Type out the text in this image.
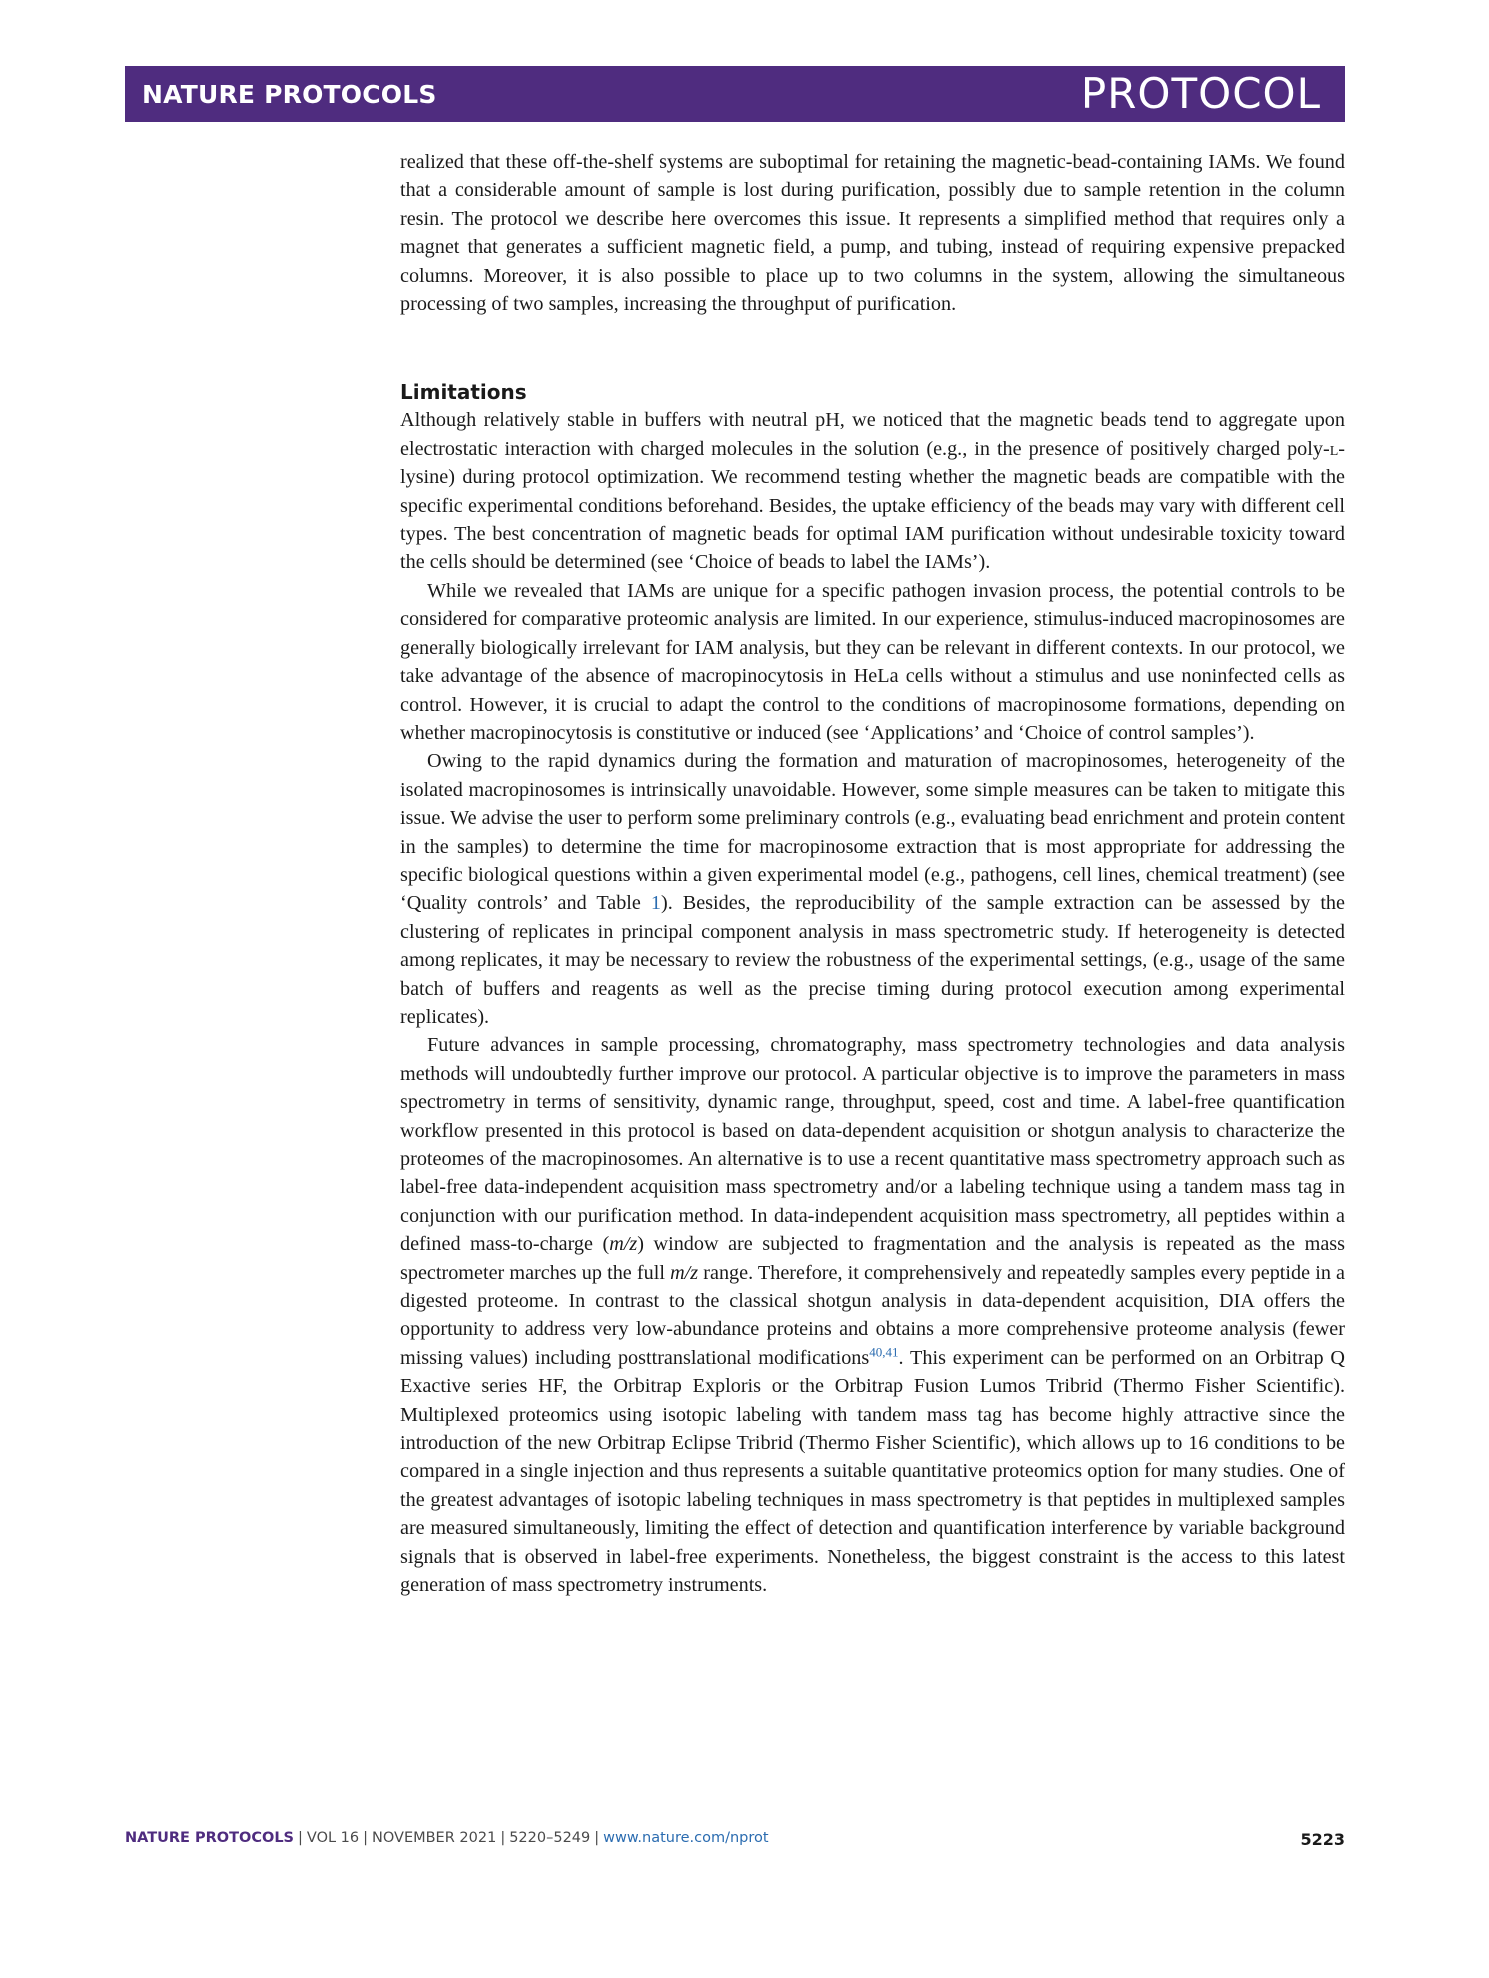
NATURE PROTOCOLS	PROTOCOL

realized that these off-the-shelf systems are suboptimal for retaining the magnetic-bead-containing IAMs. We found that a considerable amount of sample is lost during purification, possibly due to sample retention in the column resin. The protocol we describe here overcomes this issue. It represents a simplified method that requires only a magnet that generates a sufficient magnetic field, a pump, and tubing, instead of requiring expensive prepacked columns. Moreover, it is also possible to place up to two columns in the system, allowing the simultaneous processing of two samples, increasing the throughput of purification.

Limitations

Although relatively stable in buffers with neutral pH, we noticed that the magnetic beads tend to aggregate upon electrostatic interaction with charged molecules in the solution (e.g., in the presence of positively charged poly-l-lysine) during protocol optimization. We recommend testing whether the magnetic beads are compatible with the specific experimental conditions beforehand. Besides, the uptake efficiency of the beads may vary with different cell types. The best concentration of magnetic beads for optimal IAM purification without undesirable toxicity toward the cells should be determined (see ‘Choice of beads to label the IAMs’).

While we revealed that IAMs are unique for a specific pathogen invasion process, the potential controls to be considered for comparative proteomic analysis are limited. In our experience, stimulus-induced macropinosomes are generally biologically irrelevant for IAM analysis, but they can be relevant in different contexts. In our protocol, we take advantage of the absence of macropinocytosis in HeLa cells without a stimulus and use noninfected cells as control. However, it is crucial to adapt the control to the conditions of macropinosome formations, depending on whether macropinocytosis is constitutive or induced (see ‘Applications’ and ‘Choice of control samples’).

Owing to the rapid dynamics during the formation and maturation of macropinosomes, heterogeneity of the isolated macropinosomes is intrinsically unavoidable. However, some simple measures can be taken to mitigate this issue. We advise the user to perform some preliminary controls (e.g., evaluating bead enrichment and protein content in the samples) to determine the time for macropinosome extraction that is most appropriate for addressing the specific biological questions within a given experimental model (e.g., pathogens, cell lines, chemical treatment) (see ‘Quality controls’ and Table 1). Besides, the reproducibility of the sample extraction can be assessed by the clustering of replicates in principal component analysis in mass spectrometric study. If heterogeneity is detected among replicates, it may be necessary to review the robustness of the experimental settings, (e.g., usage of the same batch of buffers and reagents as well as the precise timing during protocol execution among experimental replicates).

Future advances in sample processing, chromatography, mass spectrometry technologies and data analysis methods will undoubtedly further improve our protocol. A particular objective is to improve the parameters in mass spectrometry in terms of sensitivity, dynamic range, throughput, speed, cost and time. A label-free quantification workflow presented in this protocol is based on data-dependent acquisition or shotgun analysis to characterize the proteomes of the macropinosomes. An alternative is to use a recent quantitative mass spectrometry approach such as label-free data-independent acquisition mass spectrometry and/or a labeling technique using a tandem mass tag in conjunction with our purification method. In data-independent acquisition mass spectrometry, all peptides within a defined mass-to-charge (m/z) window are subjected to fragmentation and the analysis is repeated as the mass spectrometer marches up the full m/z range. Therefore, it comprehensively and repeatedly samples every peptide in a digested proteome. In contrast to the classical shotgun analysis in data-dependent acquisition, DIA offers the opportunity to address very low-abundance proteins and obtains a more comprehensive proteome analysis (fewer missing values) including posttranslational modifications$^{40,41}$. This experiment can be performed on an Orbitrap Q Exactive series HF, the Orbitrap Exploris or the Orbitrap Fusion Lumos Tribrid (Thermo Fisher Scientific). Multiplexed proteomics using isotopic labeling with tandem mass tag has become highly attractive since the introduction of the new Orbitrap Eclipse Tribrid (Thermo Fisher Scientific), which allows up to 16 conditions to be compared in a single injection and thus represents a suitable quantitative proteomics option for many studies. One of the greatest advantages of isotopic labeling techniques in mass spectrometry is that peptides in multiplexed samples are measured simultaneously, limiting the effect of detection and quantification interference by variable background signals that is observed in label-free experiments. Nonetheless, the biggest constraint is the access to this latest generation of mass spectrometry instruments.

NATURE PROTOCOLS | VOL 16 | NOVEMBER 2021 | 5220–5249 | www.nature.com/nprot	5223
